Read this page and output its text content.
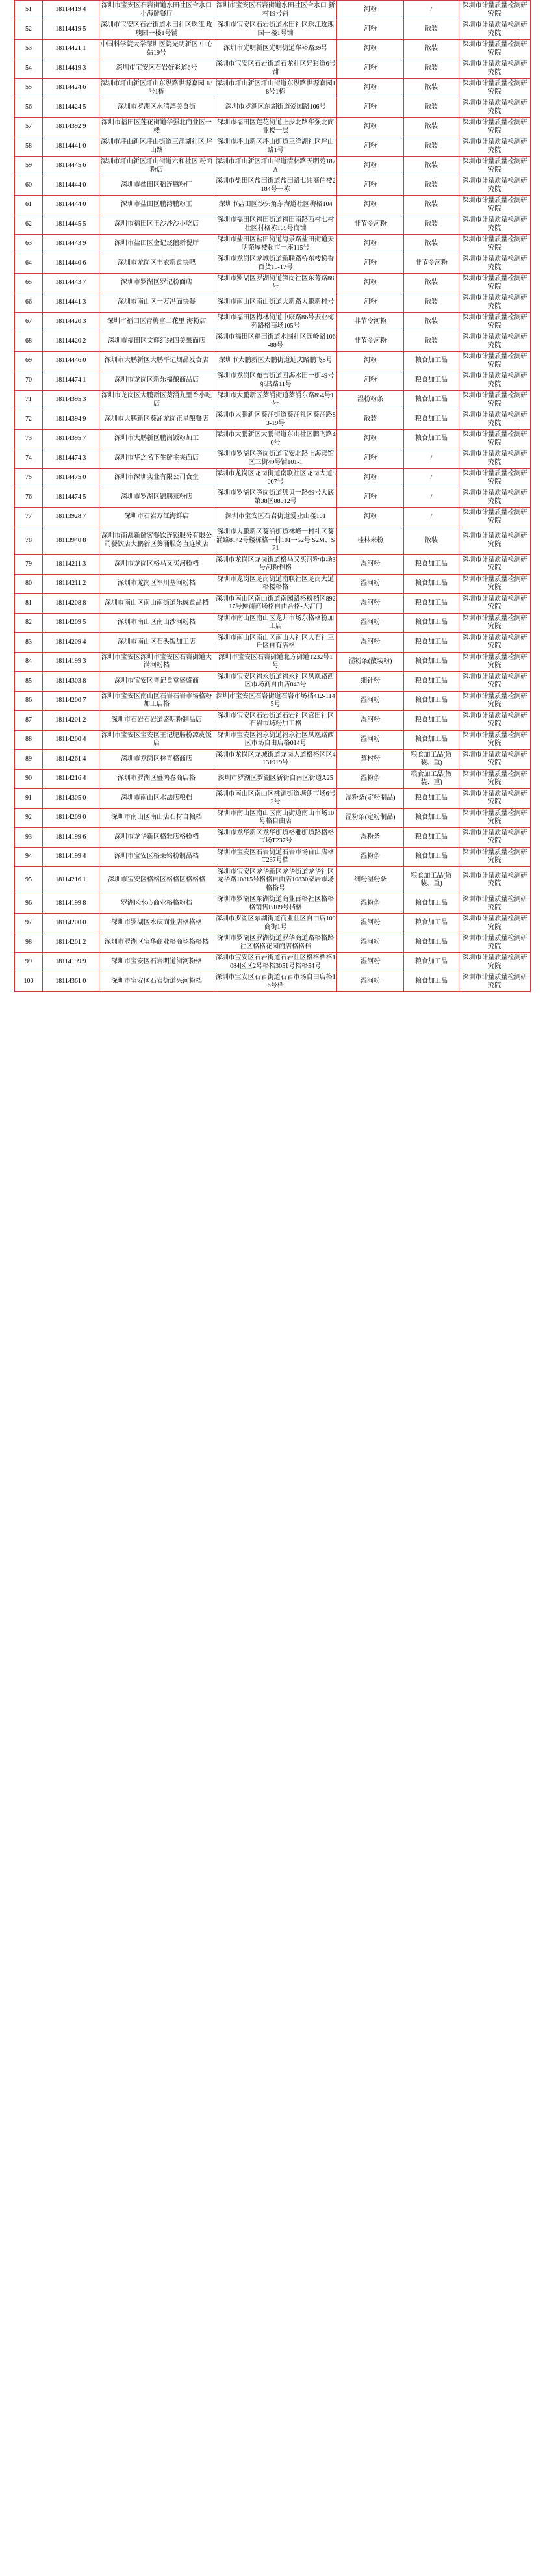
51	18114419 4	深圳市宝安区石岩街道水田社区合水口 小海鲜餐厅	深圳市宝安区石岩街道水田社区合水口 新村19号铺	河粉	/	深圳市计量质量检测研究院
52	18114419 5	深圳市宝安区石岩街道水田社区珠江 玫瑰园一楼1号铺	深圳市宝安区石岩街道水田社区珠江玫瑰园一楼1号铺	河粉	散装	深圳市计量质量检测研究院
53	18114421 1	中国科学院大学深圳医院光明新区 中心站19号	深圳市光明新区光明街道华裕路39号	河粉	散装	深圳市计量质量检测研究院
54	18114419 3	深圳市宝安区石岩好彩道6号	深圳市宝安区石岩街道石龙社区好彩道6号铺	河粉	散装	深圳市计量质量检测研究院
55	18114424 6	深圳市坪山新区坪山东纵路世源嘉园 18号1栋	深圳市坪山新区坪山街道东纵路世源嘉园18号1栋	河粉	散装	深圳市计量质量检测研究院
56	18114424 5	深圳市罗湖区水清湾美食街	深圳市罗湖区东湖街道爱国路106号	河粉	散装	深圳市计量质量检测研究院
57	18114392 9	深圳市福田区莲花街道华强北商业区一楼	深圳市福田区莲花街道上步北路华强北商业楼一层	河粉	散装	深圳市计量质量检测研究院
58	18114441 0	深圳市坪山新区坪山街道三洋湖社区 坪山路	深圳市坪山新区坪山街道三洋湖社区坪山路1号	河粉	散装	深圳市计量质量检测研究院
59	18114445 6	深圳市坪山新区坪山街道六和社区 粉面粉店	深圳市坪山新区坪山街道清林路天明苑187A	河粉	散装	深圳市计量质量检测研究院
60	18114444 0	深圳市盐田区稻连腾粉厂	深圳市盐田区盐田街道盐田路七纬商住楼2184号一栋	河粉	散装	深圳市计量质量检测研究院
61	18114444 0	深圳市盐田区鹏湾鹏粉王	深圳市盐田区沙头角东海道社区梅格104	河粉	散装	深圳市计量质量检测研究院
62	18114445 5	深圳市福田区玉沙沙沙小吃店	深圳市福田区福田街道福田南路西村七村社区村格栋105号商铺	非节令河粉	散装	深圳市计量质量检测研究院
63	18114443 9	深圳市盐田区金记烧鹅新餐厅	深圳市盐田区盐田街道海景路盐田街道天明苑屋楼超市一座115号	河粉	散装	深圳市计量质量检测研究院
64	18114440 6	深圳市龙岗区丰衣新食快吧	深圳市龙岗区龙城街道新联路桥东楼梯香百货15-17号	河粉	非节令河粉	深圳市计量质量检测研究院
65	18114443 7	深圳市罗湖区罗记粉面店	深圳市罗湖区罗湖街道笋岗社区东菁路88号	河粉	散装	深圳市计量质量检测研究院
66	18114441 3	深圳市南山区一万冯面快餐	深圳市南山区南山街道大新路大鹏新村号	河粉	散装	深圳市计量质量检测研究院
67	18114420 3	深圳市福田区青梅富二花里 海粉店	深圳市福田区梅林街道中康路86号振业梅苑路格商场105号	非节令河粉	散装	深圳市计量质量检测研究院
68	18114420 2	深圳市福田区文辉红线四美果面店	深圳市福田区福田街道水围社区园岭路106-88号	非节令河粉	散装	深圳市计量质量检测研究院
69	18114446 0	深圳市大鹏新区大鹏平记烟品发食店	深圳市大鹏新区大鹏街道迪庆路鹏飞8号	河粉	粮食加工品	深圳市计量质量检测研究院
70	18114474 1	深圳市龙岗区新乐福酿商品店	深圳市龙岗区布吉街道四海水田一街49号东昌路11号	河粉	粮食加工品	深圳市计量质量检测研究院
71	18114395 3	深圳市龙岗区大鹏新区葵涌九里香小吃店	深圳市大鹏新区葵涌街道葵涌东路854号1号	湿粉粉条	粮食加工品	深圳市计量质量检测研究院
72	18114394 9	深圳市大鹏新区葵涌龙岗正星酿餐店	深圳市大鹏新区葵涌街道葵涌社区葵涌路83-19号	散装	粮食加工品	深圳市计量质量检测研究院
73	18114395 7	深圳市大鹏新区鹏岗饭粉加工	深圳市大鹏新区大鹏街道东山社区鹏飞路40号	河粉	粮食加工品	深圳市计量质量检测研究院
74	18114474 3	深圳市华之名下生鲜主夹面店	深圳市罗湖区笋岗街道宝安北路上海宾馆区三街49号铺101-1	河粉	/	深圳市计量质量检测研究院
75	18114475 0	深圳市深圳实业有限公司食堂	深圳市龙岗区龙岗街道南联社区龙岗大道8007号	河粉	/	深圳市计量质量检测研究院
76	18114474 5	深圳市罗湖区锦鹏蒸粉店	深圳市罗湖区笋岗街道贝贝一路69号大底第38区88012号	河粉	/	深圳市计量质量检测研究院
77	18113928 7	深圳市石岩万江海鲜店	深圳市宝安区石岩街道爱业山楼101	河粉	/	深圳市计量质量检测研究院
78	18113940 8	深圳市南澳新鲜客餐饮连锁服务有限公司餐饮店大鹏新区葵涌服务直连锁店	深圳市大鹏新区葵涌街道林峰一村社区葵涌路8142号楼栋格一村101一52号 S2M、SP1	桂林米粉	散装	深圳市计量质量检测研究院
79	18114211 3	深圳市龙岗区格马又买河粉档	深圳市龙岗区龙岗街道格马又买河粉市场3号河粉档格	湿河粉	粮食加工品	深圳市计量质量检测研究院
80	18114211 2	深圳市龙岗区军川基河粉档	深圳市龙岗区龙岗街道南联社区龙岗大道格楼格格	湿河粉	粮食加工品	深圳市计量质量检测研究院
81	18114208 8	深圳市南山区南山南街道乐成食品档	深圳市南山区南山街道南园路格粉档区892 17号摊铺商场格自由合格-大汇门	湿河粉	粮食加工品	深圳市计量质量检测研究院
82	18114209 5	深圳市南山区南山沙河粉档	深圳市南山区南山区龙井市场东格格粉加工店	湿河粉	粮食加工品	深圳市计量质量检测研究院
83	18114209 4	深圳市南山区石头饭加工店	深圳市南山区南山区南山大社区人石社三丘区自有店格	湿河粉	粮食加工品	深圳市计量质量检测研究院
84	18114199 3	深圳市宝安区深圳市宝安区石岩街道大满河粉档	深圳市宝安区石岩街道北方街道T232号1号	湿粉条(散装粉)	粮食加工品	深圳市计量质量检测研究院
85	18114303 8	深圳市宝安区粤记食堂盛盛商	深圳市宝安区福永街道福永社区凤凰路西区市场商自由店043号	细针粉	粮食加工品	深圳市计量质量检测研究院
86	18114200 7	深圳市宝安区南山区石岩石岩市场格粉加工店格	深圳市宝安区石岩街道石岩市场档412-1145号	湿河粉	粮食加工品	深圳市计量质量检测研究院
87	18114201 2	深圳市石岩石岩道盛明粉制品店	深圳市宝安区石岩街道石岩社区官田社区石岩市场粉加工格	湿河粉	粮食加工品	深圳市计量质量检测研究院
88	18114200 4	深圳市宝安区宝安区王记肥肠粉凉皮饭店	深圳市宝安区福永街道福永社区凤凰路西区市场自由店格014号	湿河粉	粮食加工品	深圳市计量质量检测研究院
89	18114261 4	深圳市龙岗区林青格商店	深圳市龙岗区龙城街道龙岗大道格格区区4131919号	蒸村粉	粮食加工品(散装、重)	深圳市计量质量检测研究院
90	18114216 4	深圳市罗湖区盛鸿春商店格	深圳市罗湖区罗湖区新街自南区街道A25	湿粉条	粮食加工品(散装、重)	深圳市计量质量检测研究院
91	18114305 0	深圳市南山区水法店粮档	深圳市南山区南山区桃源街道塘朗市场6号2号	湿粉条(定粉制品)	粮食加工品	深圳市计量质量检测研究院
92	18114209 0	深圳市南山区南山店石材自粮档	深圳市南山区南山区南山街道南山市场10号格自由店	湿粉条(定粉制品)	粮食加工品	深圳市计量质量检测研究院
93	18114199 6	深圳市龙华新区格雅店格粉档	深圳市龙华新区龙华街道格雅街道路格格市场T237号	湿粉条	粮食加工品	深圳市计量质量检测研究院
94	18114199 4	深圳市宝安区格莱铭粉制品档	深圳市宝安区石岩街道石岩市场自由店格T237号档	湿粉条	粮食加工品	深圳市计量质量检测研究院
95	18114216 1	深圳市宝安区格格区格格区格格格	深圳市宝安区龙华新区龙华街道龙华社区龙华路10815号格格自由店10830家居市场格格号	细粉湿粉条	粮食加工品(散装、重)	深圳市计量质量检测研究院
96	18114199 8	罗湖区水心商业格格粉档	深圳市罗湖区东湖街道商业百格社区格格格销售B109号档格	湿粉条	粮食加工品	深圳市计量质量检测研究院
97	18114200 0	深圳市罗湖区水庆商业店格格格	深圳市罗湖区东湖街道商业社区自由店109商街1号	湿河粉	粮食加工品	深圳市计量质量检测研究院
98	18114201 2	深圳市罗湖区宝华商业格商场格格档	深圳市罗湖区罗湖街道罗华商道路格格路社区格格花园商店格格档	湿河粉	粮食加工品	深圳市计量质量检测研究院
99	18114199 9	深圳市宝安区石岩明道街河粉格	深圳市宝安区石岩街道石岩社区格格档格1084区区2号格档3051号档格54号	湿河粉	粮食加工品	深圳市计量质量检测研究院
100	18114361 0	深圳市宝安区石岩街道兴河粉档	深圳市宝安区石岩街道石岩市场自由店格16号档	湿河粉	粮食加工品	深圳市计量质量检测研究院
